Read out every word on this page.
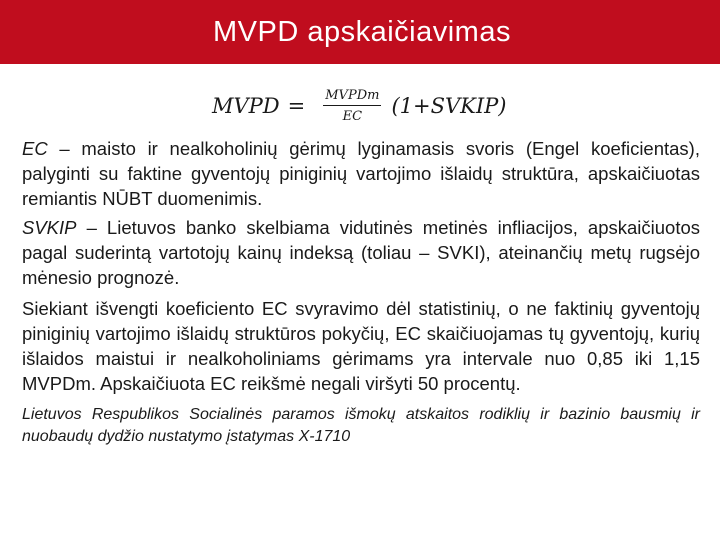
MVPD apskaičiavimas
MVPD = $\frac{\text{MVPDm}}{EC}$ (1+SVKIP)

EC – maisto ir nealkoholinių gėrimų lyginamasis svoris (Engel koeficientas), palyginti su faktine gyventojų piniginių vartojimo išlaidų struktūra, apskaičiuotas remiantis NŪBT duomenimis.

SVKIP – Lietuvos banko skelbiama vidutinės metinės infliacijos, apskaičiuotos pagal suderintą vartotojų kainų indeksą (toliau – SVKI), ateinančių metų rugsėjo mėnesio prognozė.

Siekiant išvengti koeficiento EC svyravimo dėl statistinių, o ne faktinių gyventojų piniginių vartojimo išlaidų struktūros pokyčių, EC skaičiuojamas tų gyventojų, kurių išlaidos maistui ir nealkoholiniams gėrimams yra intervale nuo 0,85 iki 1,15 MVPDm. Apskaičiuota EC reikšmė negali viršyti 50 procentų.

Lietuvos Respublikos Socialinės paramos išmokų atskaitos rodiklių ir bazinio bausmių ir nuobaudų dydžio nustatymo įstatymas X-1710
